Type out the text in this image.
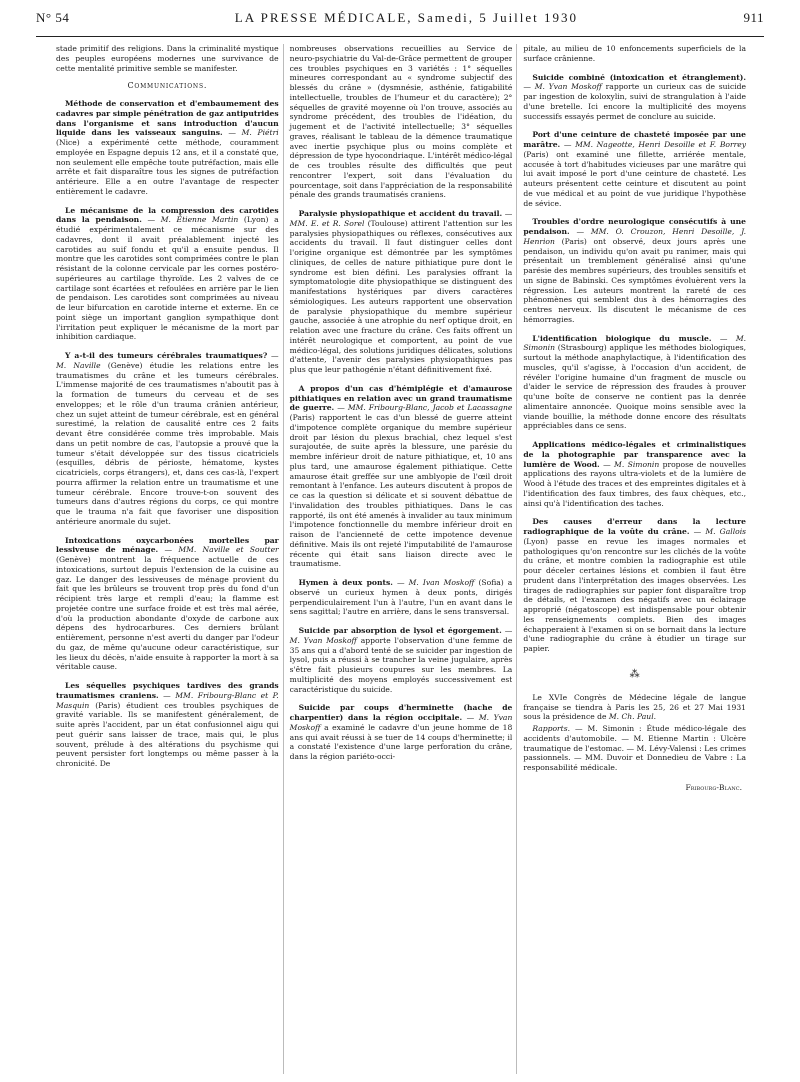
N° 54	LA PRESSE MÉDICALE, Samedi, 5 Juillet 1930	911

stade primitif des religions. Dans la criminalité mystique des peuples européens modernes une survivance de cette mentalité primitive semble se manifester.

Communications.

Méthode de conservation et d'embaumement des cadavres par simple pénétration de gaz antiputrides dans l'organisme et sans introduction d'aucun liquide dans les vaisseaux sanguins. — M. Piétri (Nice) a expérimenté cette méthode, couramment employée en Espagne depuis 12 ans, et il a constaté que, non seulement elle empêche toute putréfaction, mais elle arrête et fait disparaître tous les signes de putréfaction antérieure. Elle a en outre l'avantage de respecter entièrement le cadavre.

Le mécanisme de la compression des carotides dans la pendaison. — M. Étienne Martin (Lyon) a étudié expérimentalement ce mécanisme sur des cadavres, dont il avait préalablement injecté les carotides au suif fondu et qu'il a ensuite pendus. Il montre que les carotides sont comprimées contre le plan résistant de la colonne cervicale par les cornes postéro-supérieures au cartilage thyroïde. Les 2 valves de ce cartilage sont écartées et refoulées en arrière par le lien de pendaison. Les carotides sont comprimées au niveau de leur bifurcation en carotide interne et externe. En ce point siège un important ganglion sympathique dont l'irritation peut expliquer le mécanisme de la mort par inhibition cardiaque.

Y a-t-il des tumeurs cérébrales traumatiques? — M. Naville (Genève) étudie les relations entre les traumatismes du crâne et les tumeurs cérébrales. L'immense majorité de ces traumatismes n'aboutit pas à la formation de tumeurs du cerveau et de ses enveloppes; et le rôle d'un trauma crânien antérieur, chez un sujet atteint de tumeur cérébrale, est en général surestimé, la relation de causalité entre ces 2 faits devant être considérée comme très improbable. Mais dans un petit nombre de cas, l'autopsie a prouvé que la tumeur s'était développée sur des tissus cicatriciels (esquilles, débris de périoste, hématome, kystes cicatriciels, corps étrangers), et, dans ces cas-là, l'expert pourra affirmer la relation entre un traumatisme et une tumeur cérébrale. Encore trouve-t-on souvent des tumeurs dans d'autres régions du corps, ce qui montre que le trauma n'a fait que favoriser une disposition antérieure anormale du sujet.

Intoxications oxycarbonées mortelles par lessiveuse de ménage. — MM. Naville et Soutter (Genève) montrent la fréquence actuelle de ces intoxications, surtout depuis l'extension de la cuisine au gaz. Le danger des lessiveuses de ménage provient du fait que les brûleurs se trouvent trop près du fond d'un récipient très large et rempli d'eau; la flamme est projetée contre une surface froide et est très mal aérée, d'où la production abondante d'oxyde de carbone aux dépens des hydrocarbures. Ces derniers brûlant entièrement, personne n'est averti du danger par l'odeur du gaz, de même qu'aucune odeur caractéristique, sur les lieux du décès, n'aide ensuite à rapporter la mort à sa véritable cause.

Les séquelles psychiques tardives des grands traumatismes craniens. — MM. Fribourg-Blanc et P. Masquin (Paris) étudient ces troubles psychiques de gravité variable. Ils se manifestent généralement, de suite après l'accident, par un état confusionnel aigu qui peut guérir sans laisser de trace, mais qui, le plus souvent, prélude à des altérations du psychisme qui peuvent persister fort longtemps ou même passer à la chronicité. De

nombreuses observations recueillies au Service de neuro-psychiatrie du Val-de-Grâce permettent de grouper ces troubles psychiques en 3 variétés : 1° séquelles mineures correspondant au « syndrome subjectif des blessés du crâne » (dysmnésie, asthénie, fatigabilité intellectuelle, troubles de l'humeur et du caractère); 2° séquelles de gravité moyenne où l'on trouve, associés au syndrome précédent, des troubles de l'idéation, du jugement et de l'activité intellectuelle; 3° séquelles graves, réalisant le tableau de la démence traumatique avec inertie psychique plus ou moins complète et dépression de type hyocondriaque. L'intérêt médico-légal de ces troubles résulte des difficultés que peut rencontrer l'expert, soit dans l'évaluation du pourcentage, soit dans l'appréciation de la responsabilité pénale des grands traumatisés craniens.

Paralysie physiopathique et accident du travail. — MM. E. et R. Sorel (Toulouse) attirent l'attention sur les paralysies physiopathiques ou réflexes, consécutives aux accidents du travail. Il faut distinguer celles dont l'origine organique est démontrée par les symptômes cliniques, de celles de nature pithiatique pure dont le syndrome est bien défini. Les paralysies offrant la symptomatologie dite physiopathique se distinguent des manifestations hystériques par divers caractères sémiologiques. Les auteurs rapportent une observation de paralysie physiopathique du membre supérieur gauche, associée à une atrophie du nerf optique droit, en relation avec une fracture du crâne. Ces faits offrent un intérêt neurologique et comportent, au point de vue médico-légal, des solutions juridiques délicates, solutions d'attente, l'avenir des paralysies physiopathiques pas plus que leur pathogénie n'étant définitivement fixé.

A propos d'un cas d'hémiplégie et d'amaurose pithiatiques en relation avec un grand traumatisme de guerre. — MM. Fribourg-Blanc, Jacob et Lacassagne (Paris) rapportent le cas d'un blessé de guerre atteint d'impotence complète organique du membre supérieur droit par lésion du plexus brachial, chez lequel s'est surajoutée, de suite après la blessure, une parésie du membre inférieur droit de nature pithiatique, et, 10 ans plus tard, une amaurose également pithiatique. Cette amaurose était greffée sur une amblyopie de l'œil droit remontant à l'enfance. Les auteurs discutent à propos de ce cas la question si délicate et si souvent débattue de l'invalidation des troubles pithiatiques. Dans le cas rapporté, ils ont été amenés à invalider au taux minimum l'impotence fonctionnelle du membre inférieur droit en raison de l'ancienneté de cette impotence devenue définitive. Mais ils ont rejeté l'imputabilité de l'amaurose récente qui était sans liaison directe avec le traumatisme.

Hymen à deux ponts. — M. Ivan Moskoff (Sofia) a observé un curieux hymen à deux ponts, dirigés perpendiculairement l'un à l'autre, l'un en avant dans le sens sagittal; l'autre en arrière, dans le sens transversal.

Suicide par absorption de lysol et égorgement. — M. Yvan Moskoff apporte l'observation d'une femme de 35 ans qui a d'abord tenté de se suicider par ingestion de lysol, puis a réussi à se trancher la veine jugulaire, après s'être fait plusieurs coupures sur les membres. La multiplicité des moyens employés successivement est caractéristique du suicide.

Suicide par coups d'herminette (hache de charpentier) dans la région occipitale. — M. Yvan Moskoff a examiné le cadavre d'un jeune homme de 18 ans qui avait réussi à se tuer de 14 coups d'herminette; il a constaté l'existence d'une large perforation du crâne, dans la région pariéto-occi-

pitale, au milieu de 10 enfoncements superficiels de la surface crânienne.

Suicide combiné (intoxication et étranglement). — M. Yvan Moskoff rapporte un curieux cas de suicide par ingestion de koloxylin, suivi de strangulation à l'aide d'une bretelle. Ici encore la multiplicité des moyens successifs essayés permet de conclure au suicide.

Port d'une ceinture de chasteté imposée par une marâtre. — MM. Nageotte, Henri Desoille et F. Borrey (Paris) ont examiné une fillette, arriérée mentale, accusée à tort d'habitudes vicieuses par une marâtre qui lui avait imposé le port d'une ceinture de chasteté. Les auteurs présentent cette ceinture et discutent au point de vue médical et au point de vue juridique l'hypothèse de sévice.

Troubles d'ordre neurologique consécutifs à une pendaison. — MM. O. Crouzon, Henri Desoille, J. Henrion (Paris) ont observé, deux jours après une pendaison, un individu qu'on avait pu ranimer, mais qui présentait un tremblement généralisé ainsi qu'une parésie des membres supérieurs, des troubles sensitifs et un signe de Babinski. Ces symptômes évoluèrent vers la régression. Les auteurs montrent la rareté de ces phénomènes qui semblent dus à des hémorragies des centres nerveux. Ils discutent le mécanisme de ces hémorragies.

L'identification biologique du muscle. — M. Simonin (Strasbourg) applique les méthodes biologiques, surtout la méthode anaphylactique, à l'identification des muscles, qu'il s'agisse, à l'occasion d'un accident, de révéler l'origine humaine d'un fragment de muscle ou d'aider le service de répression des fraudes à prouver qu'une boîte de conserve ne contient pas la denrée alimentaire annoncée. Quoique moins sensible avec la viande bouillie, la méthode donne encore des résultats appréciables dans ce sens.

Applications médico-légales et criminalistiques de la photographie par transparence avec la lumière de Wood. — M. Simonin propose de nouvelles applications des rayons ultra-violets et de la lumière de Wood à l'étude des traces et des empreintes digitales et à l'identification des faux timbres, des faux chèques, etc., ainsi qu'à l'identification des taches.

Des causes d'erreur dans la lecture radiographique de la voûte du crâne. — M. Gallois (Lyon) passe en revue les images normales et pathologiques qu'on rencontre sur les clichés de la voûte du crâne, et montre combien la radiographie est utile pour déceler certaines lésions et combien il faut être prudent dans l'interprétation des images observées. Les tirages de radiographies sur papier font disparaître trop de détails, et l'examen des négatifs avec un éclairage approprié (négatoscope) est indispensable pour obtenir les renseignements complets. Bien des images échapperaient à l'examen si on se bornait dans la lecture d'une radiographie du crâne à étudier un tirage sur papier.

⁂

Le XVIe Congrès de Médecine légale de langue française se tiendra à Paris les 25, 26 et 27 Mai 1931 sous la présidence de M. Ch. Paul.

Rapports. — M. Simonin : Étude médico-légale des accidents d'automobile. — M. Etienne Martin : Ulcère traumatique de l'estomac. — M. Lévy-Valensi : Les crimes passionnels. — MM. Duvoir et Donnedieu de Vabre : La responsabilité médicale.

Fribourg-Blanc.
